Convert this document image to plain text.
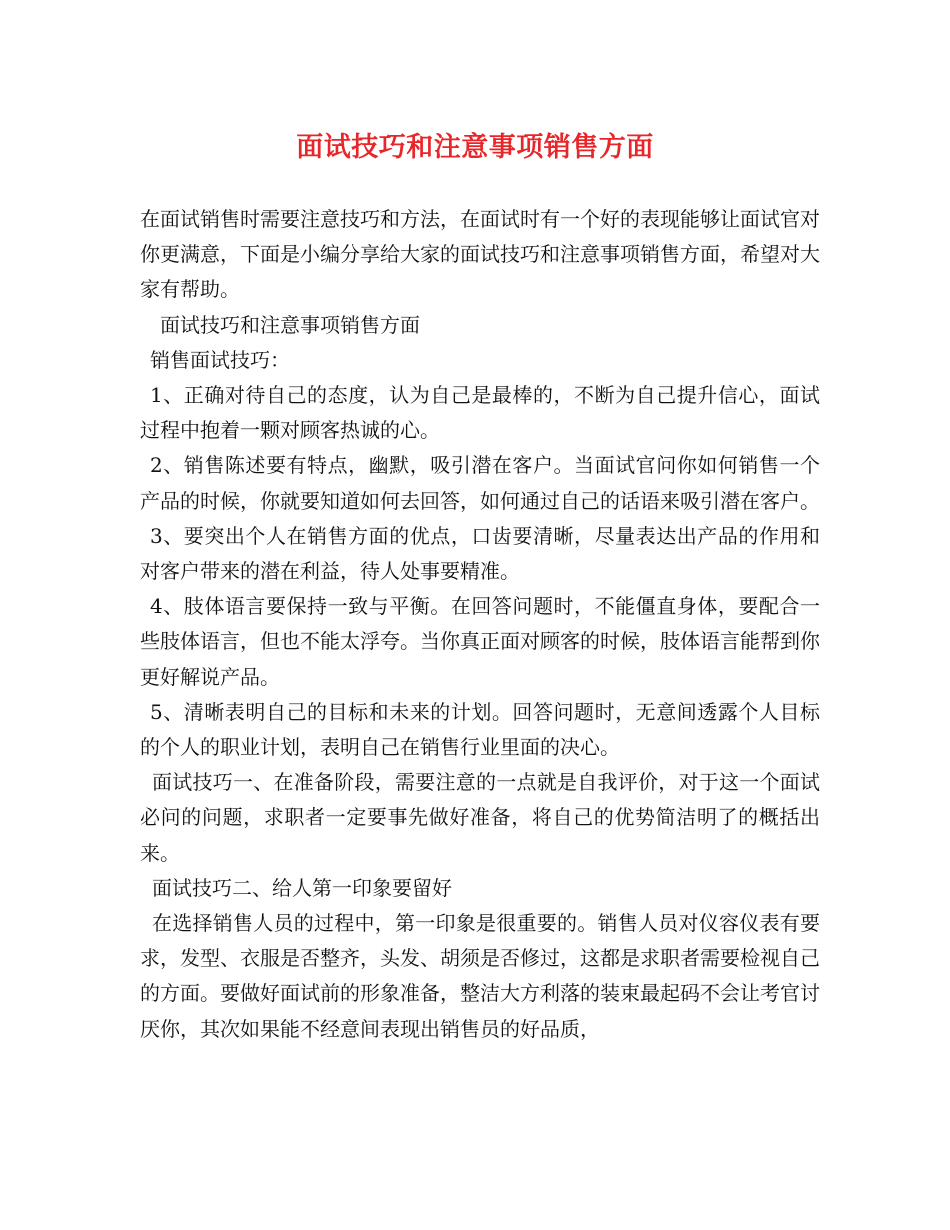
面试技巧和注意事项销售方面

在面试销售时需要注意技巧和方法，在面试时有一个好的表现能够让面试官对你更满意，下面是小编分享给大家的面试技巧和注意事项销售方面，希望对大家有帮助。

面试技巧和注意事项销售方面

销售面试技巧：

1、正确对待自己的态度，认为自己是最棒的，不断为自己提升信心，面试过程中抱着一颗对顾客热诚的心。

2、销售陈述要有特点，幽默，吸引潜在客户。当面试官问你如何销售一个产品的时候，你就要知道如何去回答，如何通过自己的话语来吸引潜在客户。

3、要突出个人在销售方面的优点，口齿要清晰，尽量表达出产品的作用和对客户带来的潜在利益，待人处事要精准。

4、肢体语言要保持一致与平衡。在回答问题时，不能僵直身体，要配合一些肢体语言，但也不能太浮夸。当你真正面对顾客的时候，肢体语言能帮到你更好解说产品。

5、清晰表明自己的目标和未来的计划。回答问题时，无意间透露个人目标的个人的职业计划，表明自己在销售行业里面的决心。

面试技巧一、在准备阶段，需要注意的一点就是自我评价，对于这一个面试必问的问题，求职者一定要事先做好准备，将自己的优势简洁明了的概括出来。

面试技巧二、给人第一印象要留好

在选择销售人员的过程中，第一印象是很重要的。销售人员对仪容仪表有要求，发型、衣服是否整齐，头发、胡须是否修过，这都是求职者需要检视自己的方面。要做好面试前的形象准备，整洁大方利落的装束最起码不会让考官讨厌你，其次如果能不经意间表现出销售员的好品质，
